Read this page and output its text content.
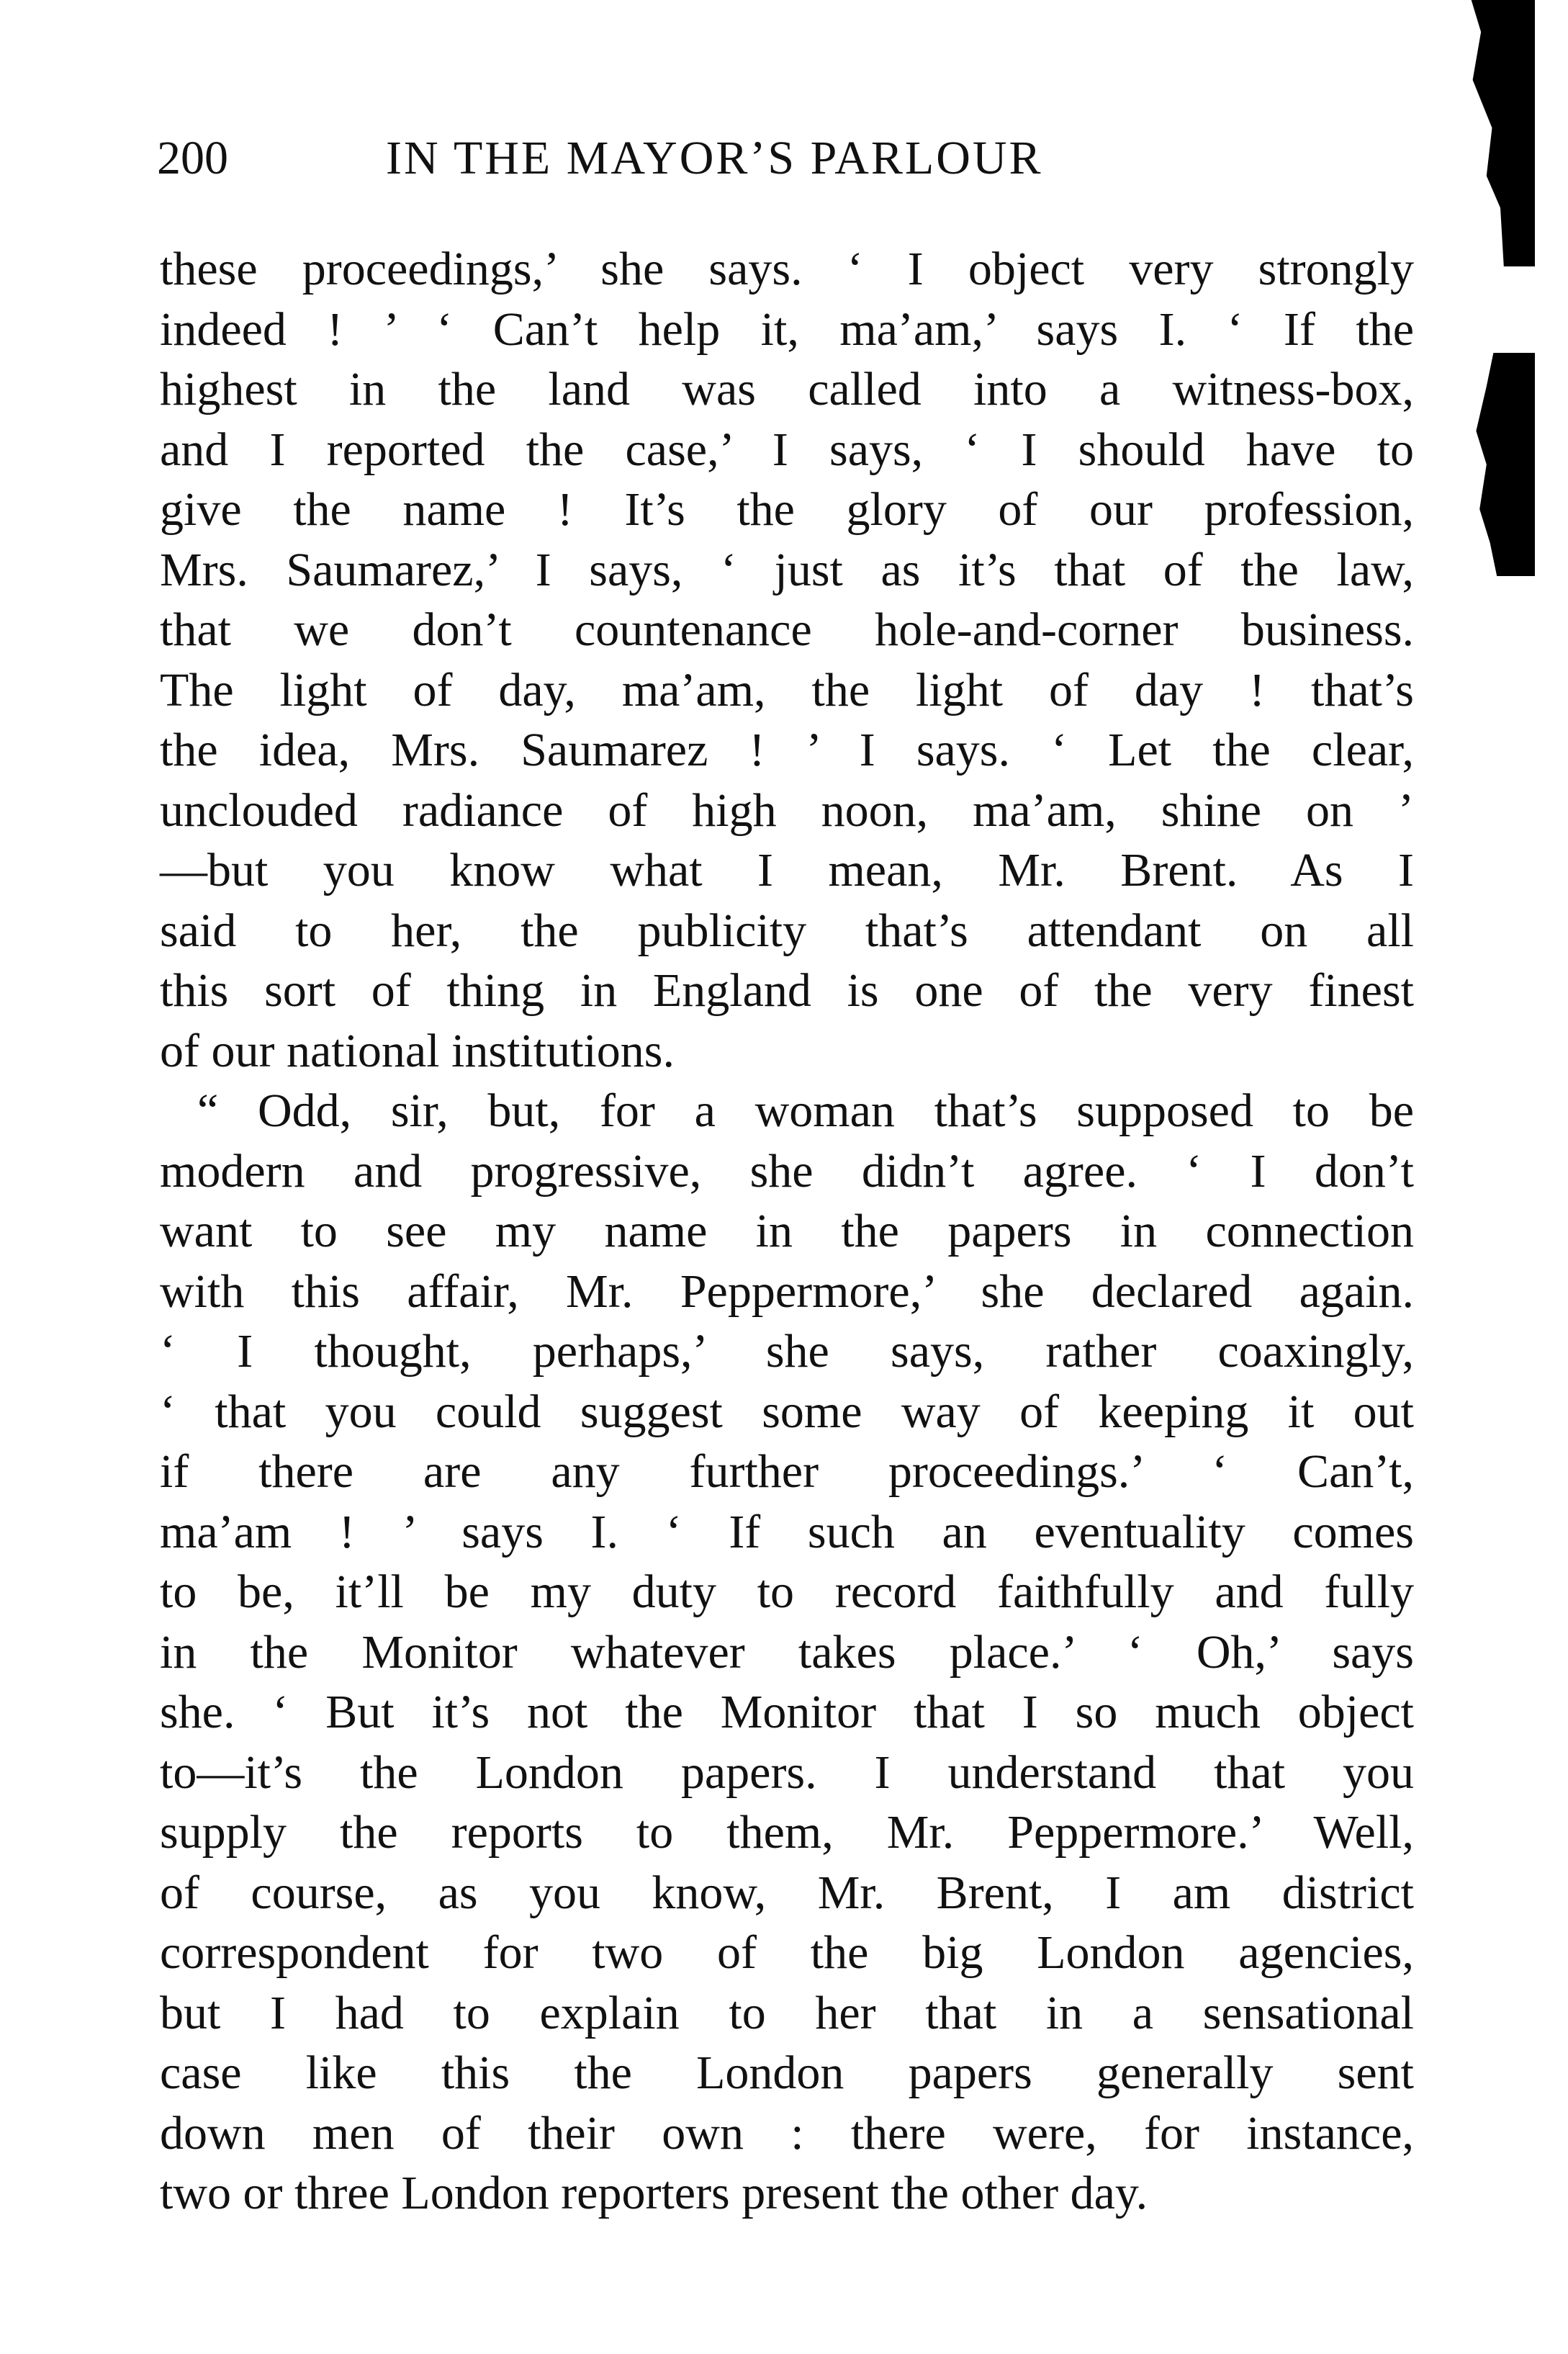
200	IN THE MAYOR’S PARLOUR
these proceedings,’ she says. ‘ I object very strongly
indeed ! ’ ‘ Can’t help it, ma’am,’ says I. ‘ If the
highest in the land was called into a witness-box,
and I reported the case,’ I says, ‘ I should have to
give the name ! It’s the glory of our profession,
Mrs. Saumarez,’ I says, ‘ just as it’s that of the law,
that we don’t countenance hole-and-corner business.
The light of day, ma’am, the light of day ! that’s
the idea, Mrs. Saumarez ! ’ I says. ‘ Let the clear,
unclouded radiance of high noon, ma’am, shine on ’
—but you know what I mean, Mr. Brent. As I
said to her, the publicity that’s attendant on all
this sort of thing in England is one of the very finest
of our national institutions.
“ Odd, sir, but, for a woman that’s supposed to be
modern and progressive, she didn’t agree. ‘ I don’t
want to see my name in the papers in connection
with this affair, Mr. Peppermore,’ she declared again.
‘ I thought, perhaps,’ she says, rather coaxingly,
‘ that you could suggest some way of keeping it out
if there are any further proceedings.’ ‘ Can’t,
ma’am ! ’ says I. ‘ If such an eventuality comes
to be, it’ll be my duty to record faithfully and fully
in the Monitor whatever takes place.’ ‘ Oh,’ says
she. ‘ But it’s not the Monitor that I so much object
to—it’s the London papers. I understand that you
supply the reports to them, Mr. Peppermore.’ Well,
of course, as you know, Mr. Brent, I am district
correspondent for two of the big London agencies,
but I had to explain to her that in a sensational
case like this the London papers generally sent
down men of their own : there were, for instance,
two or three London reporters present the other day.
